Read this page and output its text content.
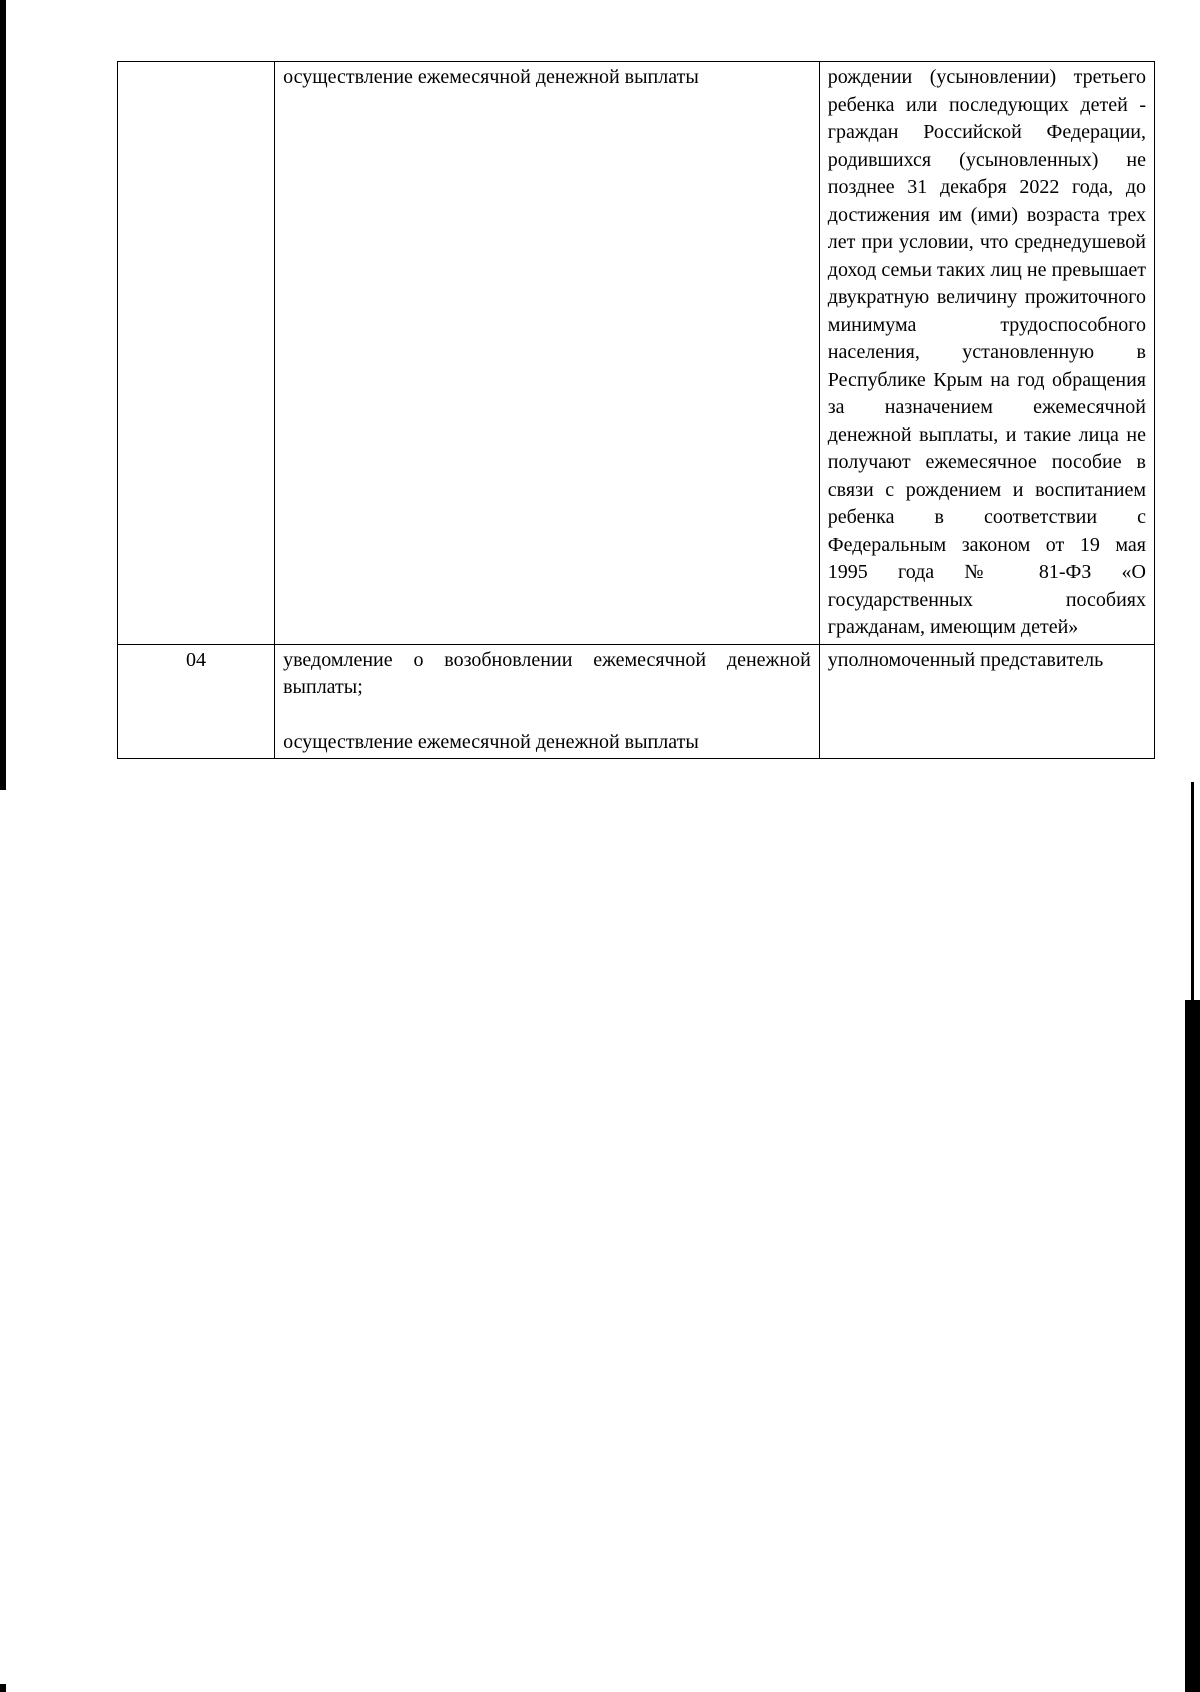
	осуществление ежемесячной денежной выплаты	рождении (усыновлении) третьего ребенка или последующих детей - граждан Российской Федерации, родившихся (усыновленных) не позднее 31 декабря 2022 года, до достижения им (ими) возраста трех лет при условии, что среднедушевой доход семьи таких лиц не превышает двукратную величину прожиточного минимума трудоспособного населения, установленную в Республике Крым на год обращения за назначением ежемесячной денежной выплаты, и такие лица не получают ежемесячное пособие в связи с рождением и воспитанием ребенка в соответствии с Федеральным законом от 19 мая 1995 года № 81-ФЗ «О государственных пособиях гражданам, имеющим детей»
04	уведомление о возобновлении ежемесячной денежной выплаты;
осуществление ежемесячной денежной выплаты	уполномоченный представитель
